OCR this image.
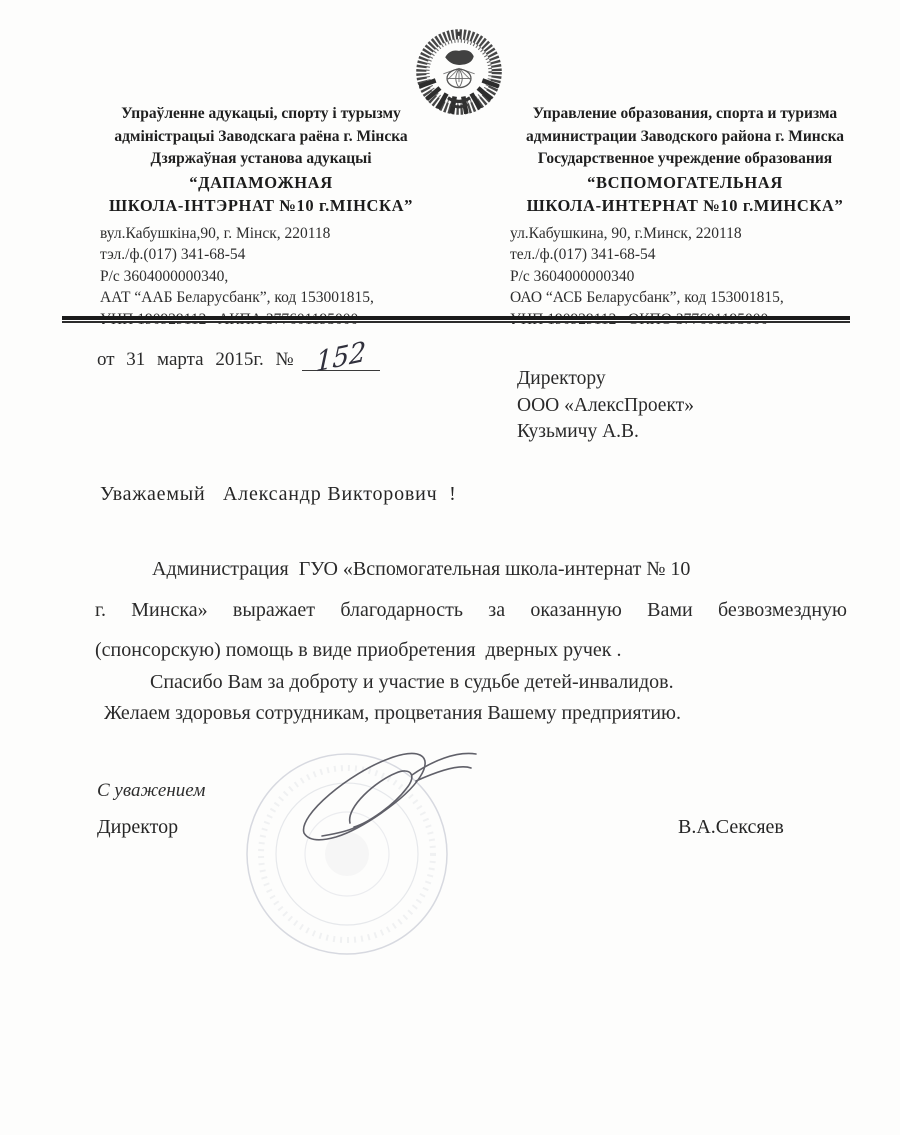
Упраўленне адукацыі, спорту і турызму
адміністрацыі Заводскага раёна г. Мінска
Дзяржаўная установа адукацыі
“ДАПАМОЖНАЯ
ШКОЛА-ІНТЭРНАТ №10 г.МІНСКА”
вул.Кабушкіна,90, г. Мінск, 220118
тэл./ф.(017) 341-68-54
Р/с 3604000000340,
ААТ “ААБ Беларусбанк”, код 153001815,
Управление образования, спорта и туризма
администрации Заводского района г. Минска
Государственное учреждение образования
“ВСПОМОГАТЕЛЬНАЯ
ШКОЛА-ИНТЕРНАТ №10 г.МИНСКА”
ул.Кабушкина, 90, г.Минск, 220118
тел./ф.(017) 341-68-54
Р/с 3604000000340
ОАО “АСБ Беларусбанк”, код 153001815,
от 31 марта 2015г. № 152	Директору
ООО «АлексПроект»
Кузьмичу А.В.
Уважаемый   Александр Викторович  !
Администрация  ГУО «Вспомогательная школа-интернат № 10
г. Минска» выражает благодарность за оказанную Вами безвозмездную
(спонсорскую) помощь в виде приобретения  дверных ручек .
Спасибо Вам за доброту и участие в судьбе детей-инвалидов.
Желаем здоровья сотрудникам, процветания Вашему предприятию.
С уважением
Директор	В.А.Сексяев
